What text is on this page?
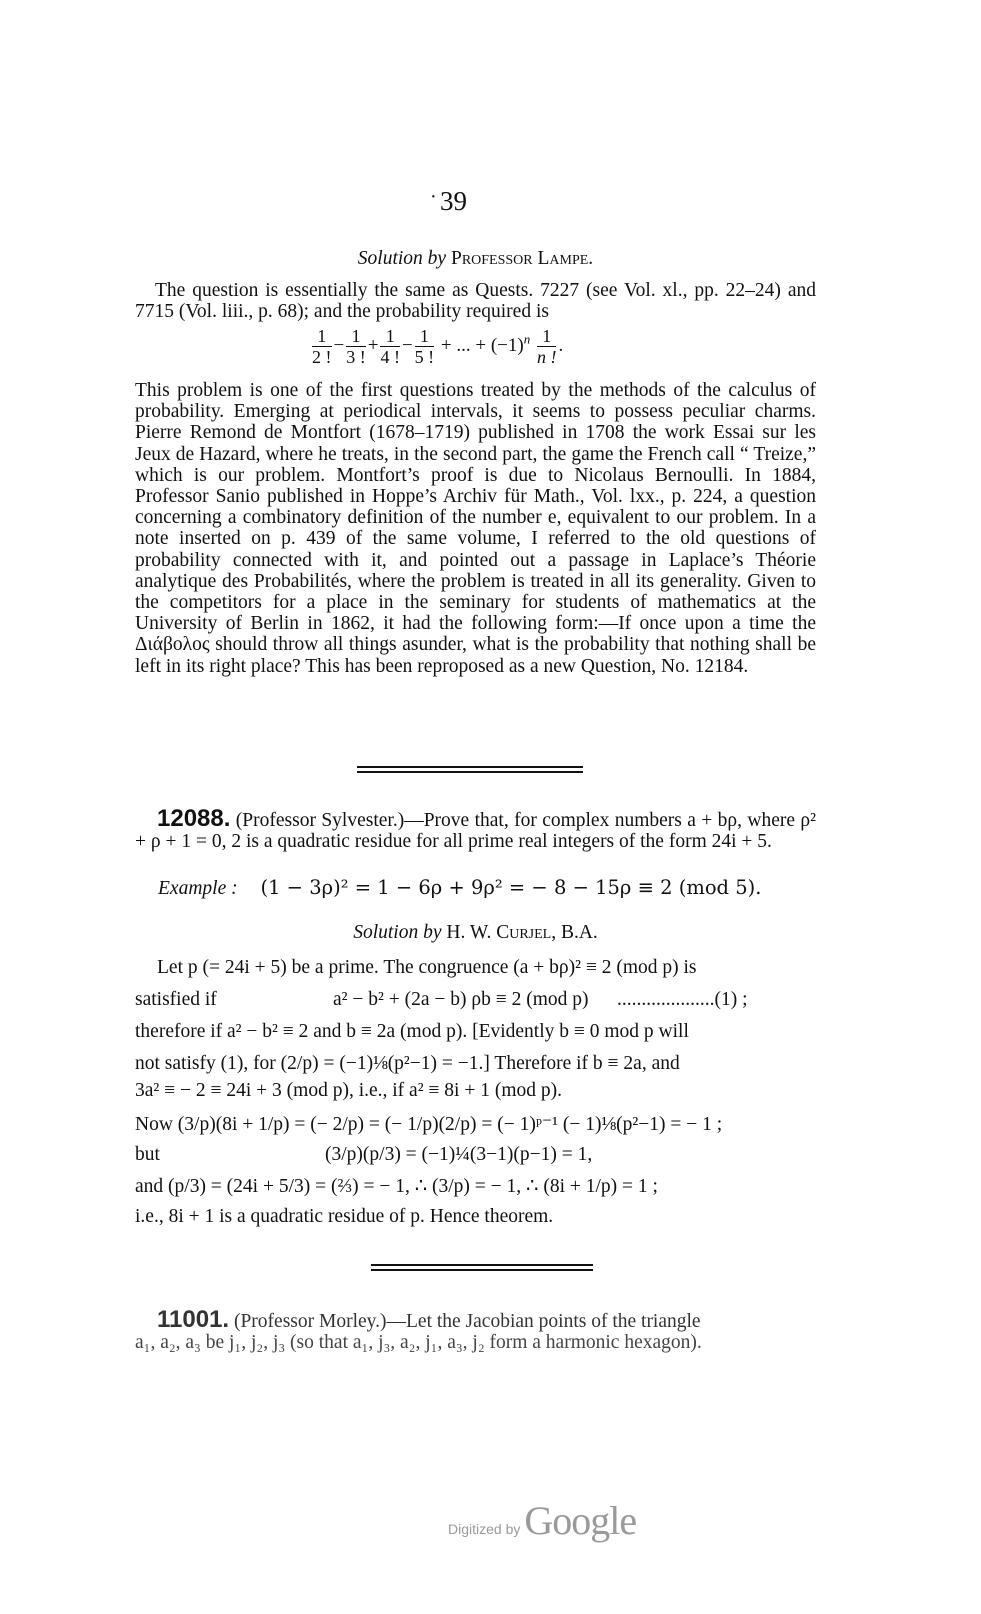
· 39
Solution by Professor Lampe.
The question is essentially the same as Quests. 7227 (see Vol. xl., pp. 22–24) and 7715 (Vol. liii., p. 68); and the probability required is
$\frac{1}{2 !} - \frac{1}{3 !} + \frac{1}{4 !} - \frac{1}{5 !}$ + ... + $(-1)^n \frac{1}{n !}$ .
This problem is one of the first questions treated by the methods of the calculus of probability. Emerging at periodical intervals, it seems to possess peculiar charms. Pierre Remond de Montfort (1678–1719) published in 1708 the work Essai sur les Jeux de Hazard, where he treats, in the second part, the game the French call “ Treize,” which is our problem. Montfort’s proof is due to Nicolaus Bernoulli. In 1884, Professor Sanio published in Hoppe’s Archiv für Math., Vol. lxx., p. 224, a question concerning a combinatory definition of the number e, equivalent to our problem. In a note inserted on p. 439 of the same volume, I referred to the old questions of probability connected with it, and pointed out a passage in Laplace’s Théorie analytique des Probabilités, where the problem is treated in all its generality. Given to the competitors for a place in the seminary for students of mathematics at the University of Berlin in 1862, it had the following form:—If once upon a time the Διάβολος should throw all things asunder, what is the probability that nothing shall be left in its right place? This has been reproposed as a new Question, No. 12184.
12088. (Professor Sylvester.)—Prove that, for complex numbers a + bρ, where ρ² + ρ + 1 = 0, 2 is a quadratic residue for all prime real integers of the form 24i + 5.
Example : (1 − 3ρ)² = 1 − 6ρ + 9ρ² = − 8 − 15ρ ≡ 2 (mod 5).
Solution by H. W. Curjel, B.A.
Let p (= 24i + 5) be a prime. The congruence (a + bρ)² ≡ 2 (mod p) is
satisfied if	a² − b² + (2a − b) ρb ≡ 2 (mod p) ....................(1) ;
therefore if a² − b² ≡ 2 and b ≡ 2a (mod p). [Evidently b ≡ 0 mod p will
not satisfy (1), for (2/p) = (−1)⅛(p²−1) = −1.] Therefore if b ≡ 2a, and
3a² ≡ − 2 ≡ 24i + 3 (mod p), i.e., if a² ≡ 8i + 1 (mod p).
Now (3/p)(8i + 1/p) = (− 2/p) = (− 1/p)(2/p) = (− 1)ᵖ⁻¹ (− 1)⅛(p²−1) = − 1 ;
but	(3/p)(p/3) = (−1)¼(3−1)(p−1) = 1,
and (p/3) = (24i + 5/3) = (⅔) = − 1, ∴ (3/p) = − 1, ∴ (8i + 1/p) = 1 ;
i.e., 8i + 1 is a quadratic residue of p. Hence theorem.
11001. (Professor Morley.)—Let the Jacobian points of the triangle
a₁, a₂, a₃ be j₁, j₂, j₃ (so that a₁, j₃, a₂, j₁, a₃, j₂ form a harmonic hexagon).
Digitized by Google
